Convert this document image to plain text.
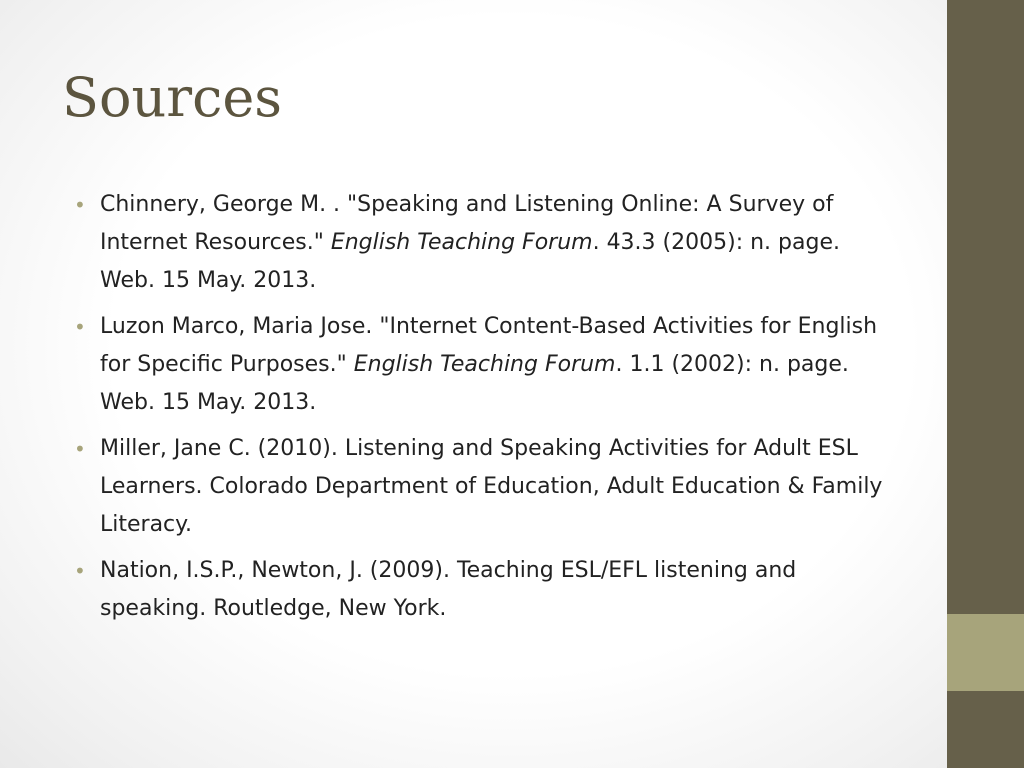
Sources
• Chinnery, George M. . "Speaking and Listening Online: A Survey of Internet Resources." English Teaching Forum. 43.3 (2005): n. page. Web. 15 May. 2013.
• Luzon Marco, Maria Jose. "Internet Content-Based Activities for English for Specific Purposes." English Teaching Forum. 1.1 (2002): n. page. Web. 15 May. 2013.
• Miller, Jane C. (2010). Listening and Speaking Activities for Adult ESL Learners. Colorado Department of Education, Adult Education & Family Literacy.
• Nation, I.S.P., Newton, J. (2009). Teaching ESL/EFL listening and speaking. Routledge, New York.
